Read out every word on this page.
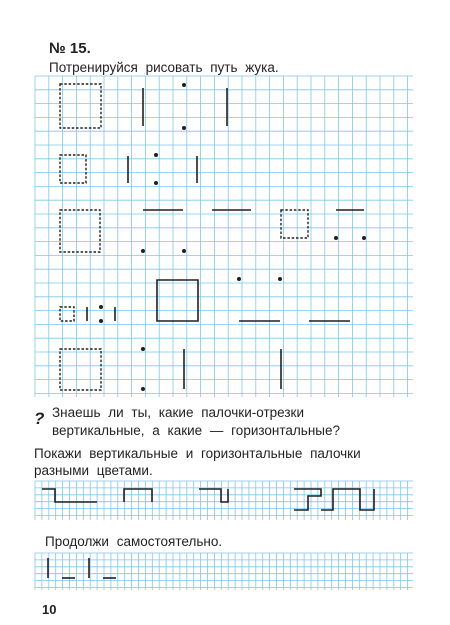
№ 15.
Потренируйся рисовать путь жука.
? Знаешь ли ты, какие палочки-отрезки
вертикальные, а какие — горизонтальные?
Покажи вертикальные и горизонтальные палочки
разными цветами.
Продолжи самостоятельно.
10
